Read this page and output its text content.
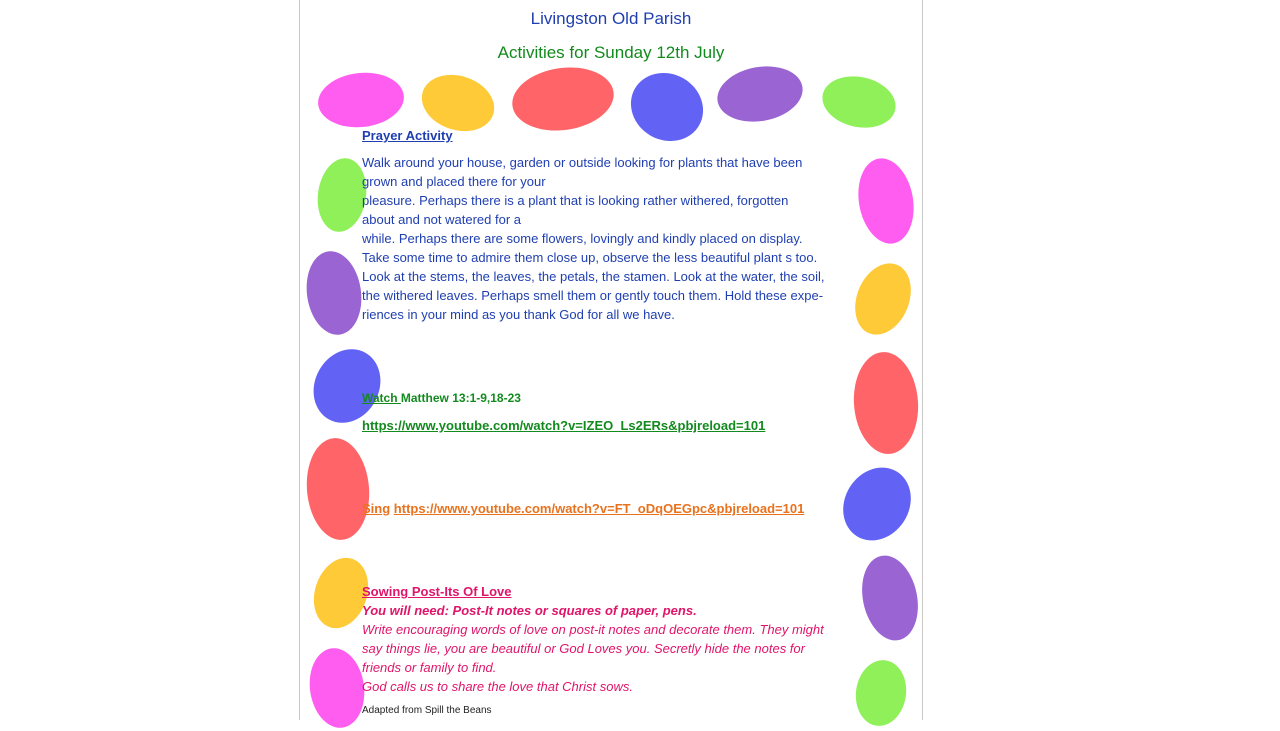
Livingston Old Parish
Activities for Sunday 12th July
Prayer Activity

Walk around your house, garden or outside looking for plants that have been

grown and placed there for your

pleasure. Perhaps there is a plant that is looking rather withered, forgotten

about and not watered for a

while. Perhaps there are some flowers, lovingly and kindly placed on display.

Take some time to admire them close up, observe the less beautiful plant s too.

Look at the stems, the leaves, the petals, the stamen. Look at the water, the soil,

the withered leaves. Perhaps smell them or gently touch them. Hold these expe-

riences in your mind as you thank God for all we have.

Watch Matthew 13:1-9,18-23
https://www.youtube.com/watch?v=IZEO_Ls2ERs&pbjreload=101
Sing https://www.youtube.com/watch?v=FT_oDqOEGpc&pbjreload=101
Sowing Post-Its Of Love
You will need: Post-It notes or squares of paper, pens.

Write encouraging words of love on post-it notes and decorate them. They might

say things lie, you are beautiful or God Loves you. Secretly hide the notes for

friends or family to find.

God calls us to share the love that Christ sows.

Adapted from Spill the Beans
